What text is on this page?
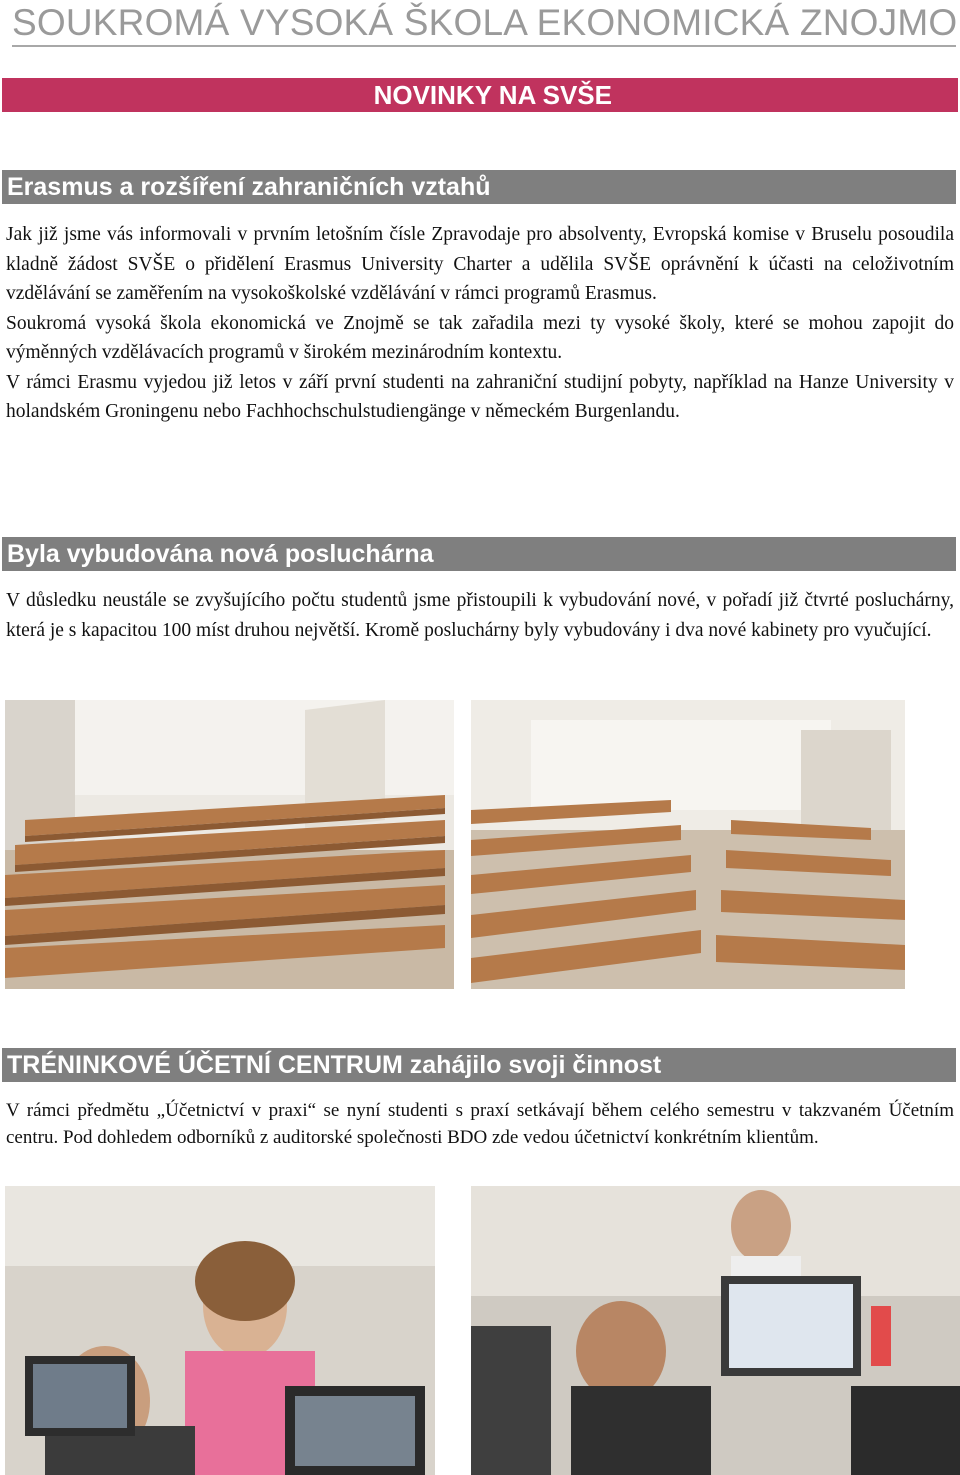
SOUKROMÁ VYSOKÁ ŠKOLA EKONOMICKÁ ZNOJMO
NOVINKY NA SVŠE
Erasmus a rozšíření zahraničních vztahů

Jak již jsme vás informovali v prvním letošním čísle Zpravodaje pro absolventy, Evropská komise v Bruselu posoudila kladně žádost SVŠE o přidělení Erasmus University Charter a udělila SVŠE oprávnění k účasti na celoživotním vzdělávání se zaměřením na vysokoškolské vzdělávání v rámci programů Erasmus.

Soukromá vysoká škola ekonomická ve Znojmě se tak zařadila mezi ty vysoké školy, které se mohou zapojit do výměnných vzdělávacích programů v širokém mezinárodním kontextu.

V rámci Erasmu vyjedou již letos v září první studenti na zahraniční studijní pobyty, například na Hanze University v holandském Groningenu nebo Fachhochschulstudiengänge v německém Burgenlandu.

Byla vybudována nová posluchárna

V důsledku neustále se zvyšujícího počtu studentů jsme přistoupili k vybudování nové, v pořadí již čtvrté posluchárny, která je s kapacitou 100 míst druhou největší. Kromě posluchárny byly vybudovány i dva nové kabinety pro vyučující.

TRÉNINKOVÉ ÚČETNÍ CENTRUM zahájilo svoji činnost

V rámci předmětu „Účetnictví v praxi“ se nyní studenti s praxí setkávají během celého semestru v takzvaném Účetním centru. Pod dohledem odborníků z auditorské společnosti BDO zde vedou účetnictví konkrétním klientům.
